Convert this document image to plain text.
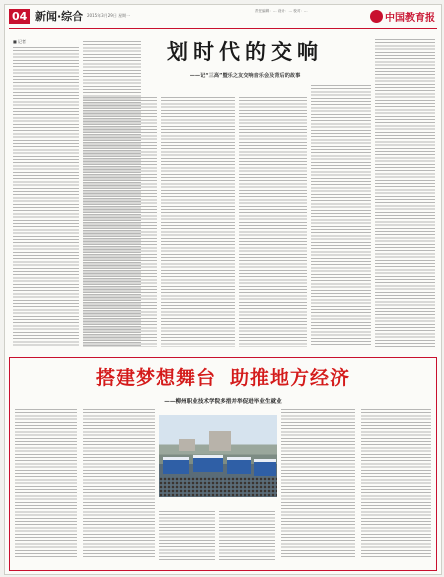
04 新闻·综合 2015年3月29日 星期一
责任编辑：… 设计：… 校对：…
中国教育报
■ 记者	划时代的交响
——记“三高”暨乐之友交响音乐会及背后的故事
搭建梦想舞台 助推地方经济
——柳州职业技术学院多措并举促进毕业生就业
